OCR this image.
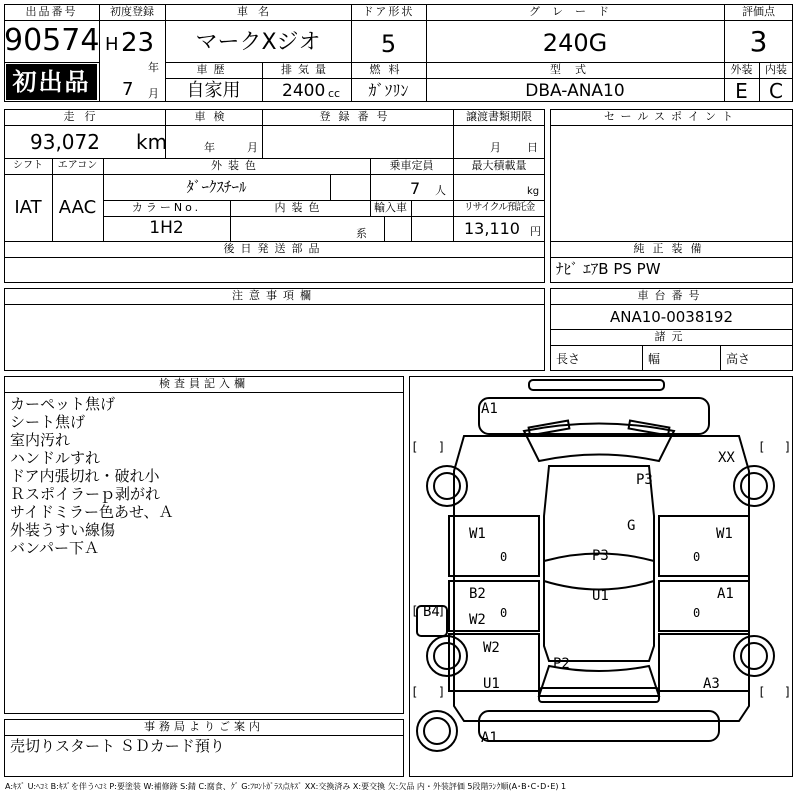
出品番号
90574
初出品
初度登録
H 23
年
7 月
車名
マークXジオ
ドア形状
5
グレード
240G
評価点
3
車歴
自家用
排気量
2400 cc
燃料
ｶﾞｿﾘﾝ
型式
DBA-ANA10
外装	内装
E	C
走行
93,072 km
車検
年	月
登録番号	譲渡書類期限
月 日
シフト
IAT
エアコン
AAC
外装色
ﾀﾞｰｸｽﾁｰﾙ
乗車定員
7 人
最大積載量
kg
カラーNo.
1H2
内装色
系
輸入車	リサイクル預託金
13,110 円
後日発送部品
セールスポイント
純正装備
ﾅﾋﾞ ｴｱB PS PW
注意事項欄	車台番号
ANA10-0038192
諸元
長さ	幅	高さ
検査員記入欄
カーペット焦げ
シート焦げ
室内汚れ
ハンドルすれ
ドア内張切れ・破れ小
Ｒスポイラーｐ剥がれ
サイドミラー色あせ、Ａ
外装うすい線傷
バンパー下Ａ
事務局よりご案内
売切りスタート ＳＤカード預り
A1
XX
P3
G
W1	W1
P3
U1
B2	A1
W2
B4
W2
P2
U1	A3
A1
[ ]	[ ]
[ ]	[ ]
[ ]
0	0
0	0
A:ｷｽﾞ U:ﾍｺﾐ B:ｷｽﾞを伴うﾍｺﾐ P:要塗装 W:補修跡 S:錆 C:腐食、ｸﾞ G:ﾌﾛﾝﾄｶﾞﾗｽ点ｷｽﾞ XX:交換済み X:要交換 欠:欠品 内・外装評価 5段階ﾗﾝｸ順(A･B･C･D･E) 1
